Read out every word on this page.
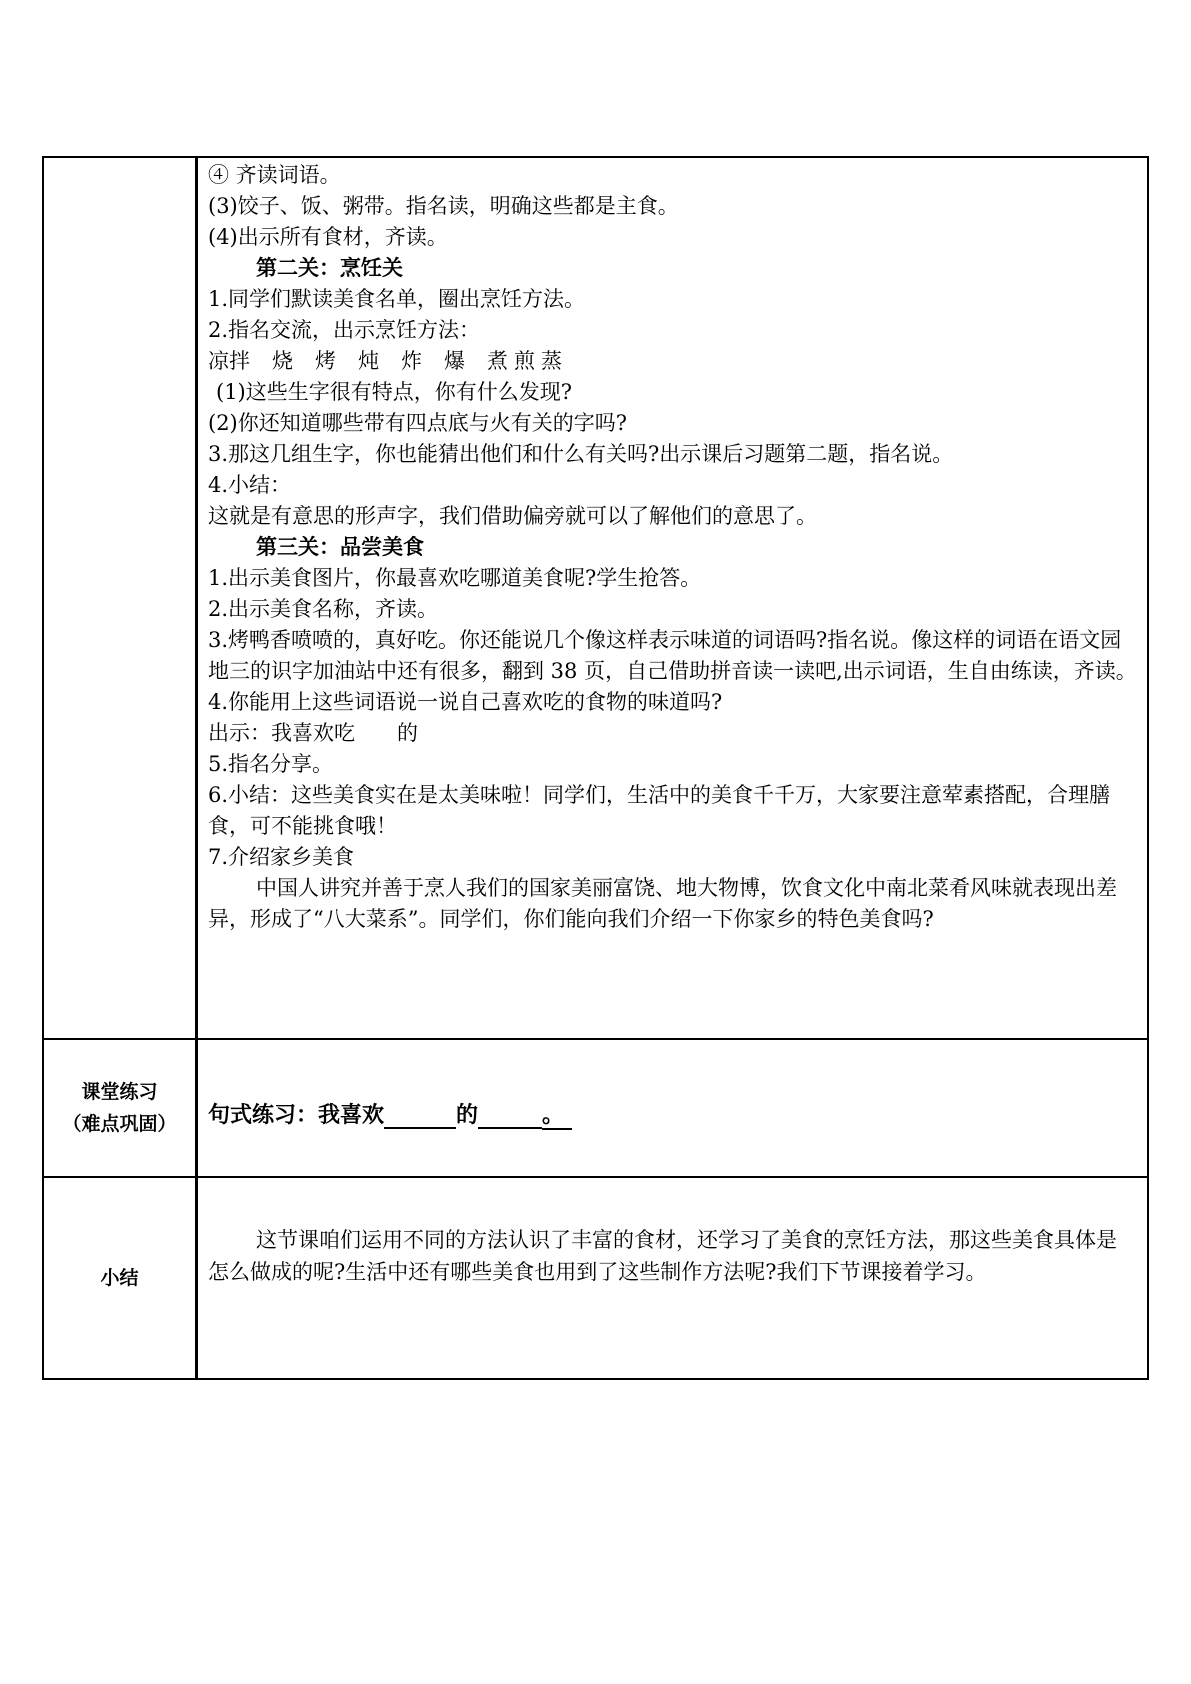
④ 齐读词语。
(3)饺子、饭、粥带。指名读，明确这些都是主食。
(4)出示所有食材，齐读。
第二关：烹饪关
1.同学们默读美食名单，圈出烹饪方法。
2.指名交流，出示烹饪方法：
凉拌 烧 烤 炖 炸 爆 煮 煎 蒸
(1)这些生字很有特点，你有什么发现?
(2)你还知道哪些带有四点底与火有关的字吗?
3.那这几组生字，你也能猜出他们和什么有关吗?出示课后习题第二题，指名说。
4.小结：
这就是有意思的形声字，我们借助偏旁就可以了解他们的意思了。
第三关：品尝美食
1.出示美食图片，你最喜欢吃哪道美食呢?学生抢答。
2.出示美食名称，齐读。
3.烤鸭香喷喷的，真好吃。你还能说几个像这样表示味道的词语吗?指名说。像这样的词语在语文园地三的识字加油站中还有很多，翻到 38 页，自己借助拼音读一读吧,出示词语，生自由练读，齐读。
4.你能用上这些词语说一说自己喜欢吃的食物的味道吗?
出示：我喜欢吃　　的
5.指名分享。
6.小结：这些美食实在是太美味啦！同学们，生活中的美食千千万，大家要注意荤素搭配，合理膳食，可不能挑食哦！
7.介绍家乡美食
中国人讲究并善于烹人我们的国家美丽富饶、地大物博，饮食文化中南北菜肴风味就表现出差异，形成了“八大菜系”。同学们，你们能向我们介绍一下你家乡的特色美食吗?
课堂练习
（难点巩固） 句式练习：我喜欢	的	。
小结
这节课咱们运用不同的方法认识了丰富的食材，还学习了美食的烹饪方法，那这些美食具体是怎么做成的呢?生活中还有哪些美食也用到了这些制作方法呢?我们下节课接着学习。
